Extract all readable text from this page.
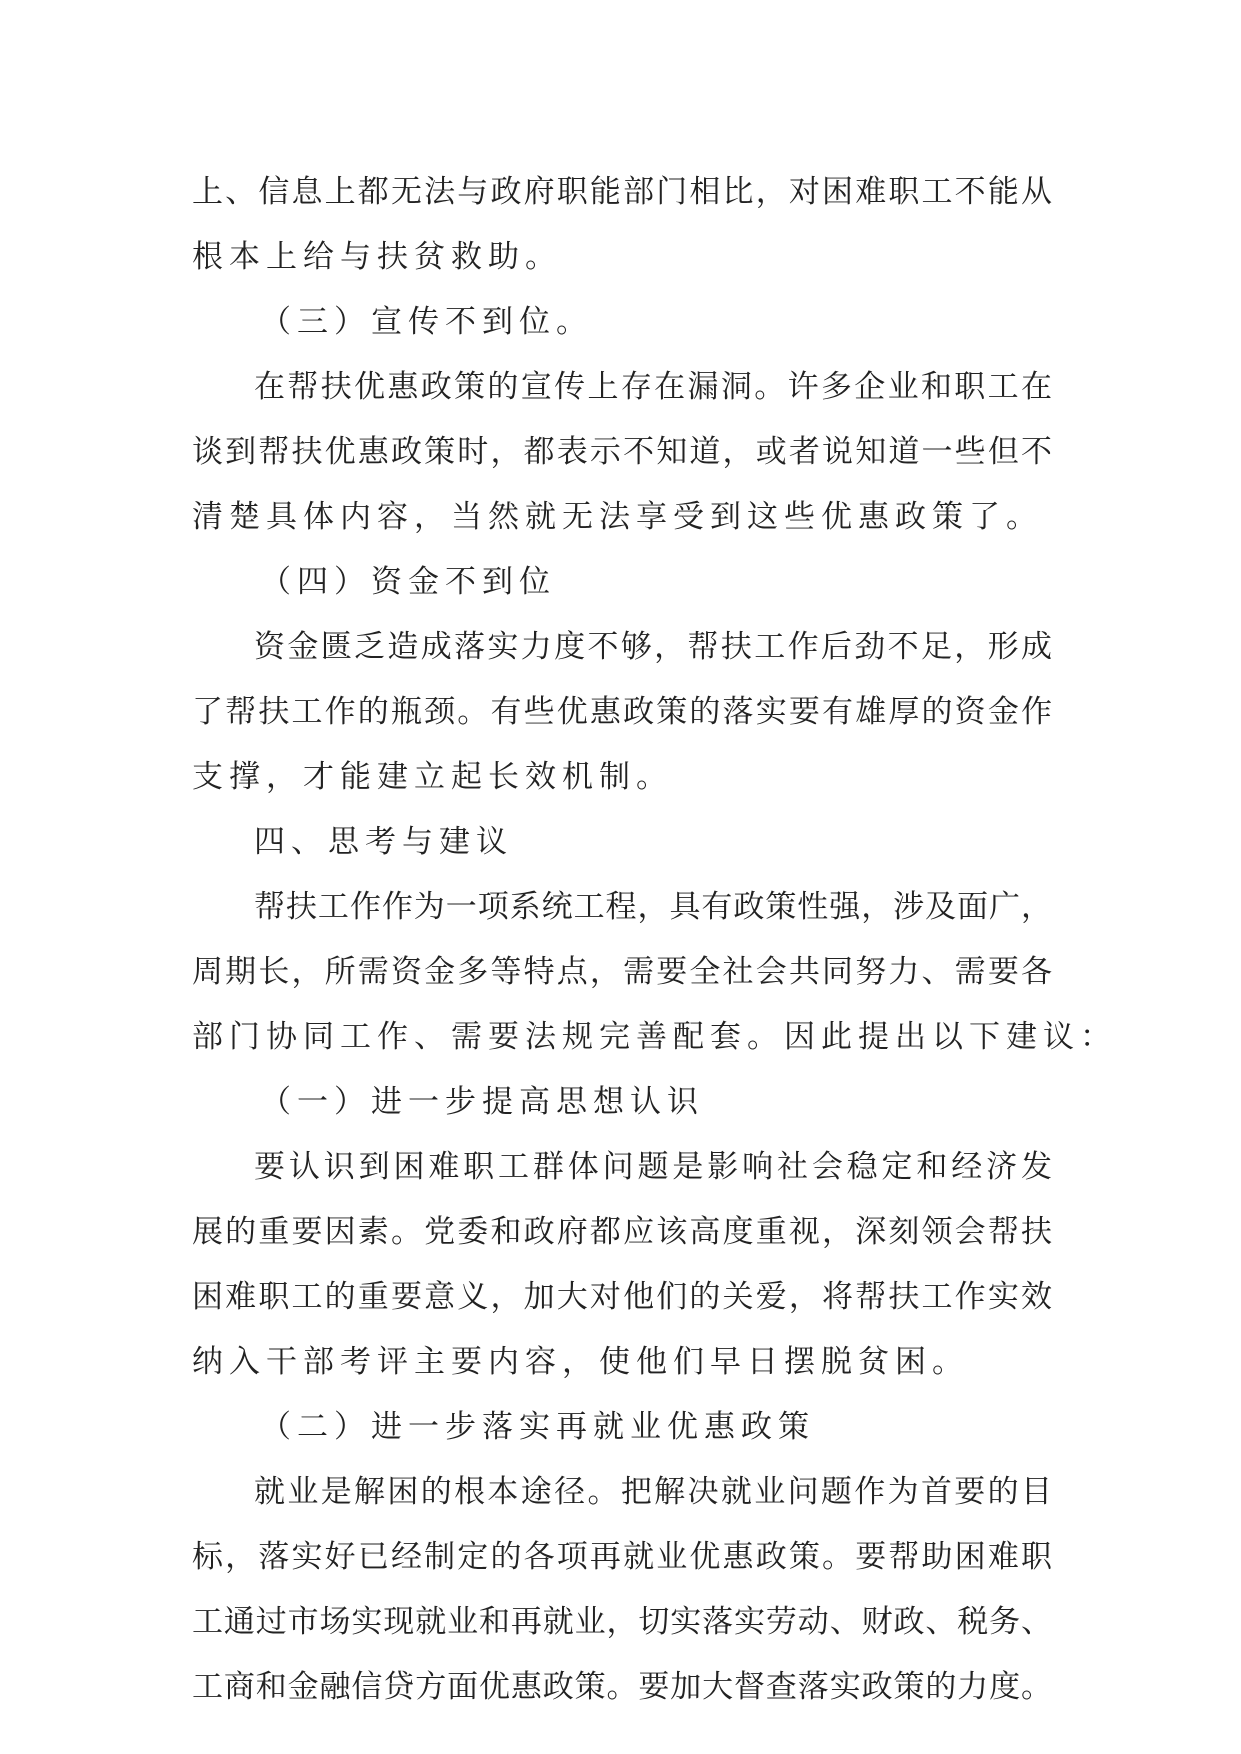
上、信息上都无法与政府职能部门相比，对困难职工不能从
根本上给与扶贫救助。
（三）宣传不到位。
在帮扶优惠政策的宣传上存在漏洞。许多企业和职工在
谈到帮扶优惠政策时，都表示不知道，或者说知道一些但不
清楚具体内容，当然就无法享受到这些优惠政策了。
（四）资金不到位
资金匮乏造成落实力度不够，帮扶工作后劲不足，形成
了帮扶工作的瓶颈。有些优惠政策的落实要有雄厚的资金作
支撑，才能建立起长效机制。
四、思考与建议
帮扶工作作为一项系统工程，具有政策性强，涉及面广，
周期长，所需资金多等特点，需要全社会共同努力、需要各
部门协同工作、需要法规完善配套。因此提出以下建议：
（一）进一步提高思想认识
要认识到困难职工群体问题是影响社会稳定和经济发
展的重要因素。党委和政府都应该高度重视，深刻领会帮扶
困难职工的重要意义，加大对他们的关爱，将帮扶工作实效
纳入干部考评主要内容，使他们早日摆脱贫困。
（二）进一步落实再就业优惠政策
就业是解困的根本途径。把解决就业问题作为首要的目
标，落实好已经制定的各项再就业优惠政策。要帮助困难职
工通过市场实现就业和再就业，切实落实劳动、财政、税务、
工商和金融信贷方面优惠政策。要加大督查落实政策的力度。
